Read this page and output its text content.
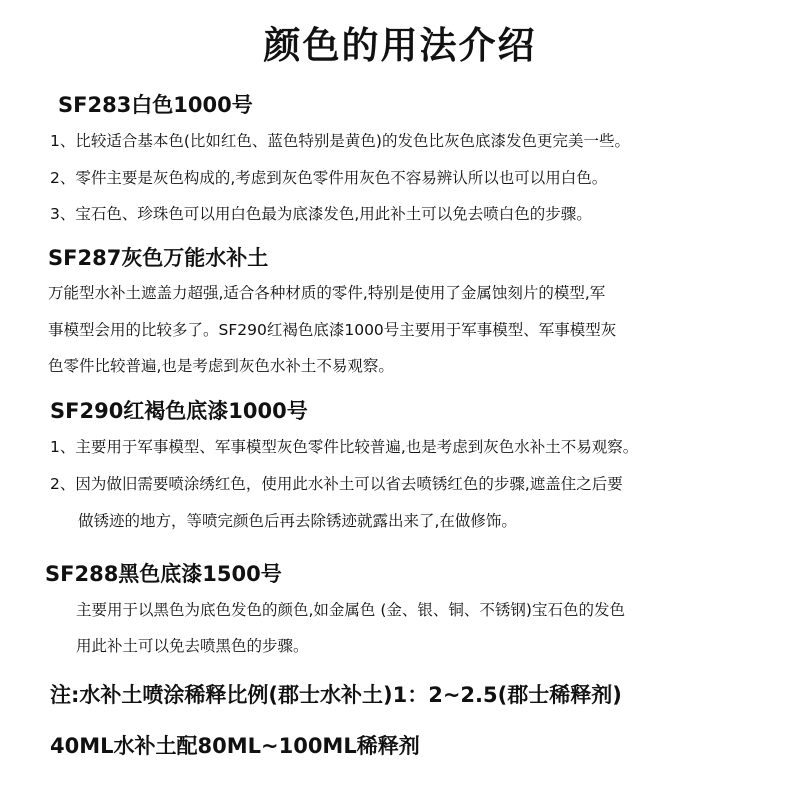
颜色的用法介绍
SF283白色1000号
1、比较适合基本色(比如红色、蓝色特别是黄色)的发色比灰色底漆发色更完美一些。
2、零件主要是灰色构成的,考虑到灰色零件用灰色不容易辨认所以也可以用白色。
3、宝石色、珍珠色可以用白色最为底漆发色,用此补土可以免去喷白色的步骤。
SF287灰色万能水补土
万能型水补土遮盖力超强,适合各种材质的零件,特别是使用了金属蚀刻片的模型,军
事模型会用的比较多了。SF290红褐色底漆1000号主要用于军事模型、军事模型灰
色零件比较普遍,也是考虑到灰色水补土不易观察。
SF290红褐色底漆1000号
1、主要用于军事模型、军事模型灰色零件比较普遍,也是考虑到灰色水补土不易观察。
2、因为做旧需要喷涂绣红色，使用此水补土可以省去喷锈红色的步骤,遮盖住之后要
做锈迹的地方，等喷完颜色后再去除锈迹就露出来了,在做修饰。
SF288黑色底漆1500号
主要用于以黑色为底色发色的颜色,如金属色 (金、银、铜、不锈钢)宝石色的发色
用此补土可以免去喷黑色的步骤。
注:水补土喷涂稀释比例(郡士水补土)1：2~2.5(郡士稀释剂)
40ML水补土配80ML~100ML稀释剂
